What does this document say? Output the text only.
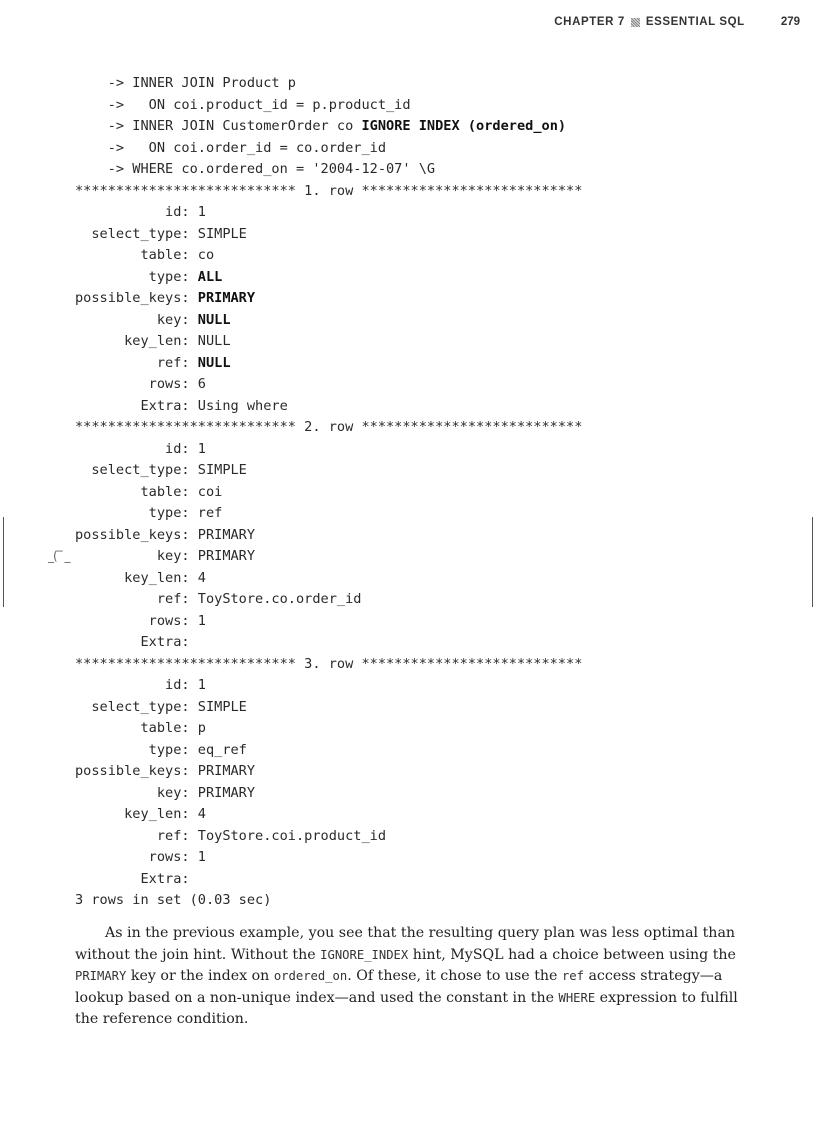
CHAPTER 7 ESSENTIAL SQL	279
_(‾ _
-> INNER JOIN Product p
->   ON coi.product_id = p.product_id
-> INNER JOIN CustomerOrder co IGNORE INDEX (ordered_on)
->   ON coi.order_id = co.order_id
-> WHERE co.ordered_on = '2004-12-07' \G
*************************** 1. row ***************************
id: 1
select_type: SIMPLE
table: co
type: ALL
possible_keys: PRIMARY
key: NULL
key_len: NULL
ref: NULL
rows: 6
Extra: Using where
*************************** 2. row ***************************
id: 1
select_type: SIMPLE
table: coi
type: ref
possible_keys: PRIMARY
key: PRIMARY
key_len: 4
ref: ToyStore.co.order_id
rows: 1
Extra:
*************************** 3. row ***************************
id: 1
select_type: SIMPLE
table: p
type: eq_ref
possible_keys: PRIMARY
key: PRIMARY
key_len: 4
ref: ToyStore.coi.product_id
rows: 1
Extra:
3 rows in set (0.03 sec)
As in the previous example, you see that the resulting query plan was less optimal than
without the join hint. Without the IGNORE_INDEX hint, MySQL had a choice between using the
PRIMARY key or the index on ordered_on. Of these, it chose to use the ref access strategy—a
lookup based on a non-unique index—and used the constant in the WHERE expression to fulfill
the reference condition.
